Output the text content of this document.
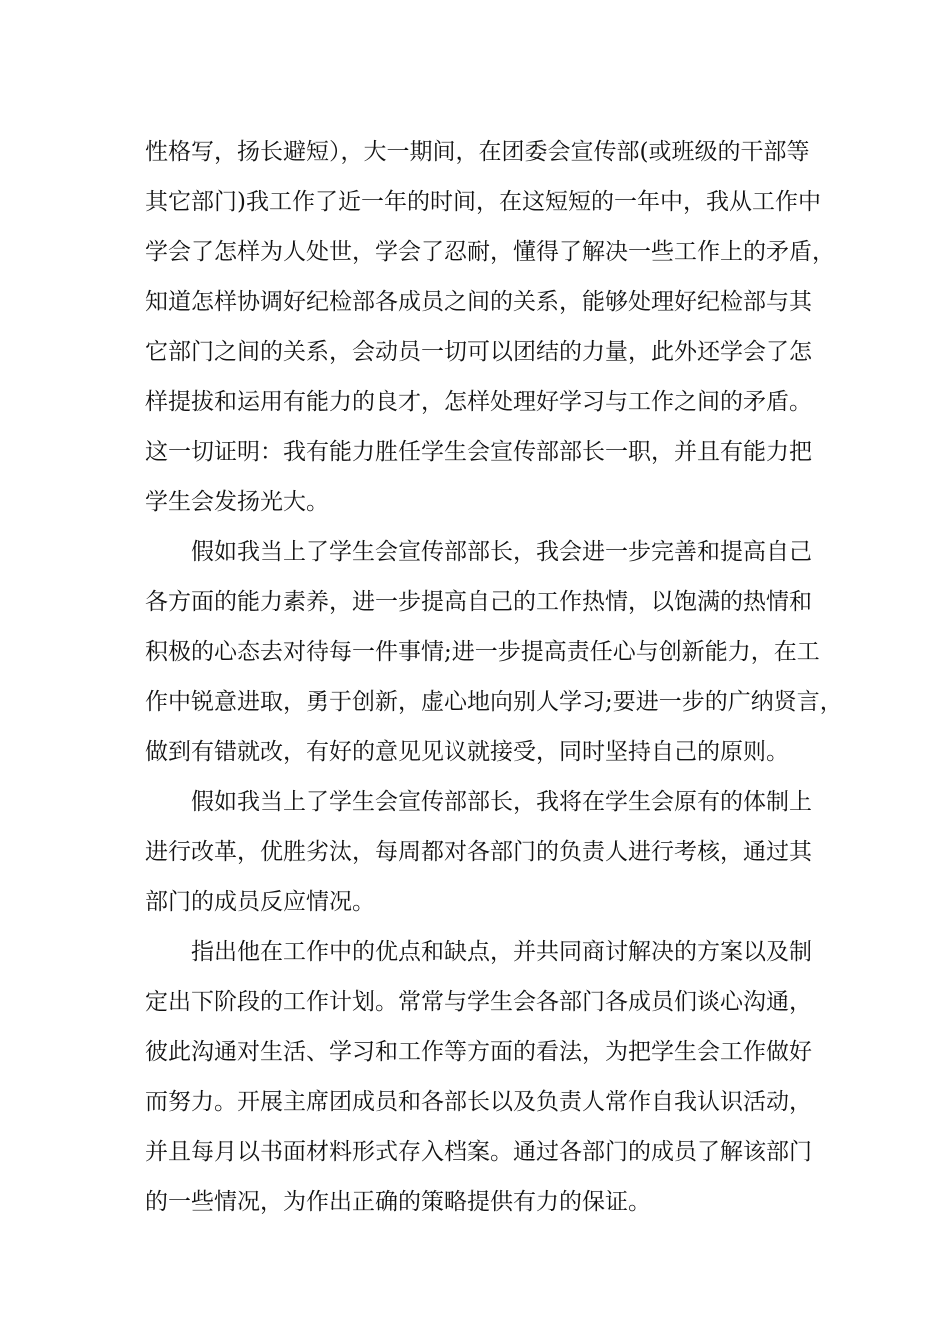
性格写，扬长避短），大一期间，在团委会宣传部(或班级的干部等
其它部门)我工作了近一年的时间，在这短短的一年中，我从工作中
学会了怎样为人处世，学会了忍耐，懂得了解决一些工作上的矛盾，
知道怎样协调好纪检部各成员之间的关系，能够处理好纪检部与其
它部门之间的关系，会动员一切可以团结的力量，此外还学会了怎
样提拔和运用有能力的良才，怎样处理好学习与工作之间的矛盾。
这一切证明：我有能力胜任学生会宣传部部长一职，并且有能力把
学生会发扬光大。
　　假如我当上了学生会宣传部部长，我会进一步完善和提高自己
各方面的能力素养，进一步提高自己的工作热情，以饱满的热情和
积极的心态去对待每一件事情;进一步提高责任心与创新能力，在工
作中锐意进取，勇于创新，虚心地向别人学习;要进一步的广纳贤言，
做到有错就改，有好的意见见议就接受，同时坚持自己的原则。
　　假如我当上了学生会宣传部部长，我将在学生会原有的体制上
进行改革，优胜劣汰，每周都对各部门的负责人进行考核，通过其
部门的成员反应情况。
　　指出他在工作中的优点和缺点，并共同商讨解决的方案以及制
定出下阶段的工作计划。常常与学生会各部门各成员们谈心沟通，
彼此沟通对生活、学习和工作等方面的看法，为把学生会工作做好
而努力。开展主席团成员和各部长以及负责人常作自我认识活动，
并且每月以书面材料形式存入档案。通过各部门的成员了解该部门
的一些情况，为作出正确的策略提供有力的保证。
